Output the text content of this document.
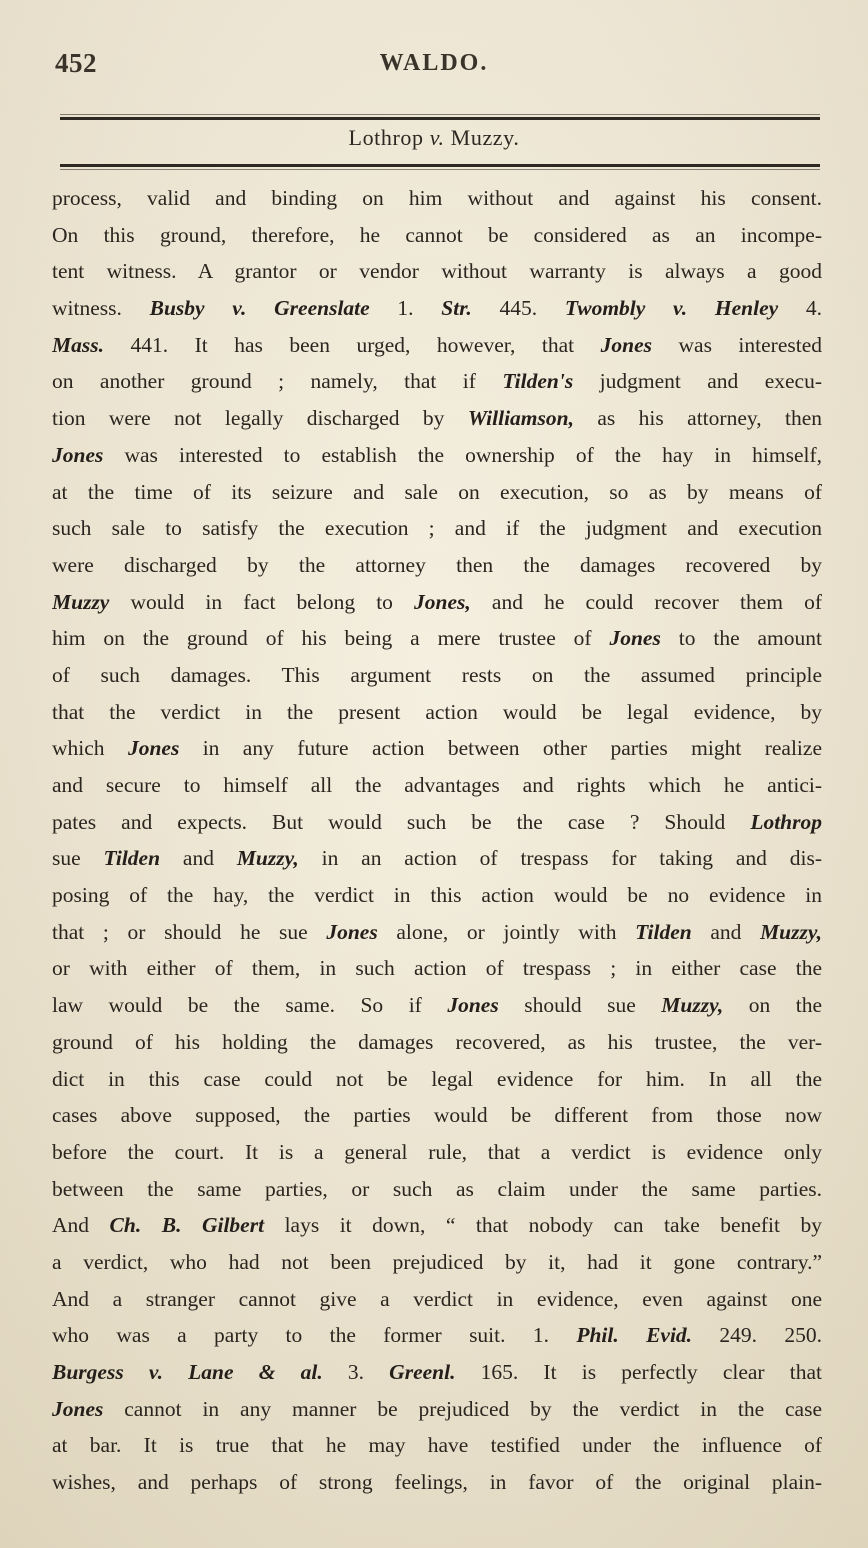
452	WALDO.
Lothrop v. Muzzy.
process, valid and binding on him without and against his consent.
On this ground, therefore, he cannot be considered as an incompe-
tent witness. A grantor or vendor without warranty is always a good
witness. Busby v. Greenslate 1. Str. 445. Twombly v. Henley 4.
Mass. 441. It has been urged, however, that Jones was interested
on another ground ; namely, that if Tilden's judgment and execu-
tion were not legally discharged by Williamson, as his attorney, then
Jones was interested to establish the ownership of the hay in himself,
at the time of its seizure and sale on execution, so as by means of
such sale to satisfy the execution ; and if the judgment and execution
were discharged by the attorney then the damages recovered by
Muzzy would in fact belong to Jones, and he could recover them of
him on the ground of his being a mere trustee of Jones to the amount
of such damages. This argument rests on the assumed principle
that the verdict in the present action would be legal evidence, by
which Jones in any future action between other parties might realize
and secure to himself all the advantages and rights which he antici-
pates and expects. But would such be the case ? Should Lothrop
sue Tilden and Muzzy, in an action of trespass for taking and dis-
posing of the hay, the verdict in this action would be no evidence in
that ; or should he sue Jones alone, or jointly with Tilden and Muzzy,
or with either of them, in such action of trespass ; in either case the
law would be the same. So if Jones should sue Muzzy, on the
ground of his holding the damages recovered, as his trustee, the ver-
dict in this case could not be legal evidence for him. In all the
cases above supposed, the parties would be different from those now
before the court. It is a general rule, that a verdict is evidence only
between the same parties, or such as claim under the same parties.
And Ch. B. Gilbert lays it down, “ that nobody can take benefit by
a verdict, who had not been prejudiced by it, had it gone contrary.”
And a stranger cannot give a verdict in evidence, even against one
who was a party to the former suit. 1. Phil. Evid. 249. 250.
Burgess v. Lane & al. 3. Greenl. 165. It is perfectly clear that
Jones cannot in any manner be prejudiced by the verdict in the case
at bar. It is true that he may have testified under the influence of
wishes, and perhaps of strong feelings, in favor of the original plain-
